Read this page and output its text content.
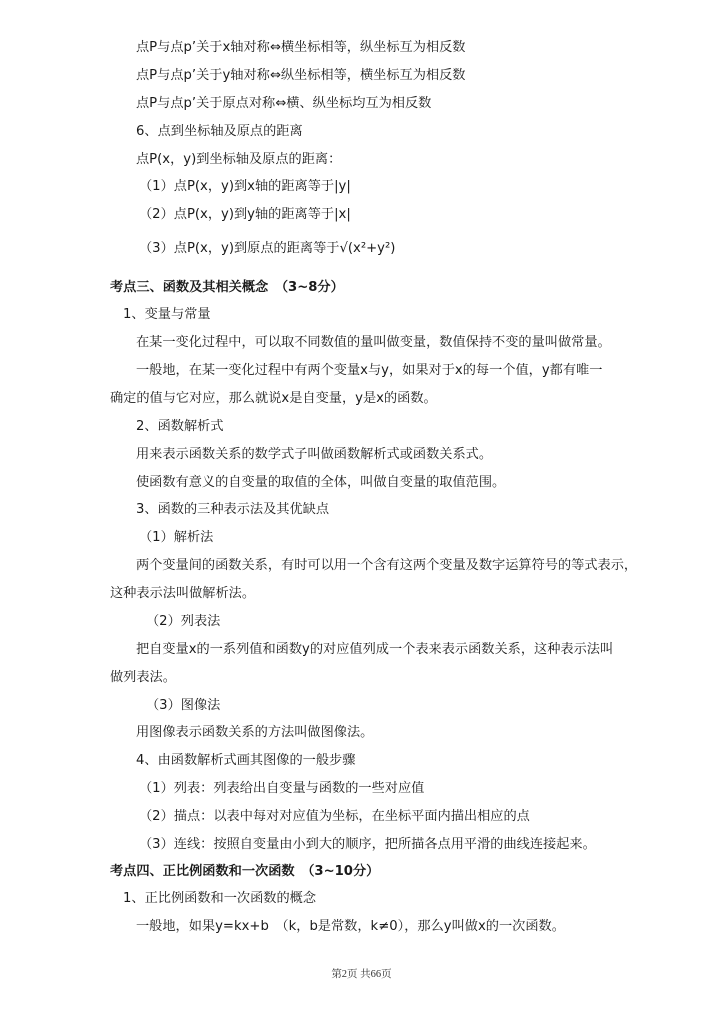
点P与点p’关于x轴对称⇔横坐标相等，纵坐标互为相反数
点P与点p’关于y轴对称⇔纵坐标相等，横坐标互为相反数
点P与点p’关于原点对称⇔横、纵坐标均互为相反数
6、点到坐标轴及原点的距离
点P(x，y)到坐标轴及原点的距离：
（1）点P(x，y)到x轴的距离等于|y|
（2）点P(x，y)到y轴的距离等于|x|
（3）点P(x，y)到原点的距离等于√(x²+y²)
考点三、函数及其相关概念　（3~8分）
1、变量与常量
在某一变化过程中，可以取不同数值的量叫做变量，数值保持不变的量叫做常量。
一般地，在某一变化过程中有两个变量x与y，如果对于x的每一个值，y都有唯一
确定的值与它对应，那么就说x是自变量，y是x的函数。
2、函数解析式
用来表示函数关系的数学式子叫做函数解析式或函数关系式。
使函数有意义的自变量的取值的全体，叫做自变量的取值范围。
3、函数的三种表示法及其优缺点
（1）解析法
两个变量间的函数关系，有时可以用一个含有这两个变量及数字运算符号的等式表示，
这种表示法叫做解析法。
（2）列表法
把自变量x的一系列值和函数y的对应值列成一个表来表示函数关系，这种表示法叫
做列表法。
（3）图像法
用图像表示函数关系的方法叫做图像法。
4、由函数解析式画其图像的一般步骤
（1）列表：列表给出自变量与函数的一些对应值
（2）描点：以表中每对对应值为坐标，在坐标平面内描出相应的点
（3）连线：按照自变量由小到大的顺序，把所描各点用平滑的曲线连接起来。
考点四、正比例函数和一次函数　（3~10分）
1、正比例函数和一次函数的概念
一般地，如果y=kx+b　（k，b是常数，k≠0），那么y叫做x的一次函数。
第2页 共66页
